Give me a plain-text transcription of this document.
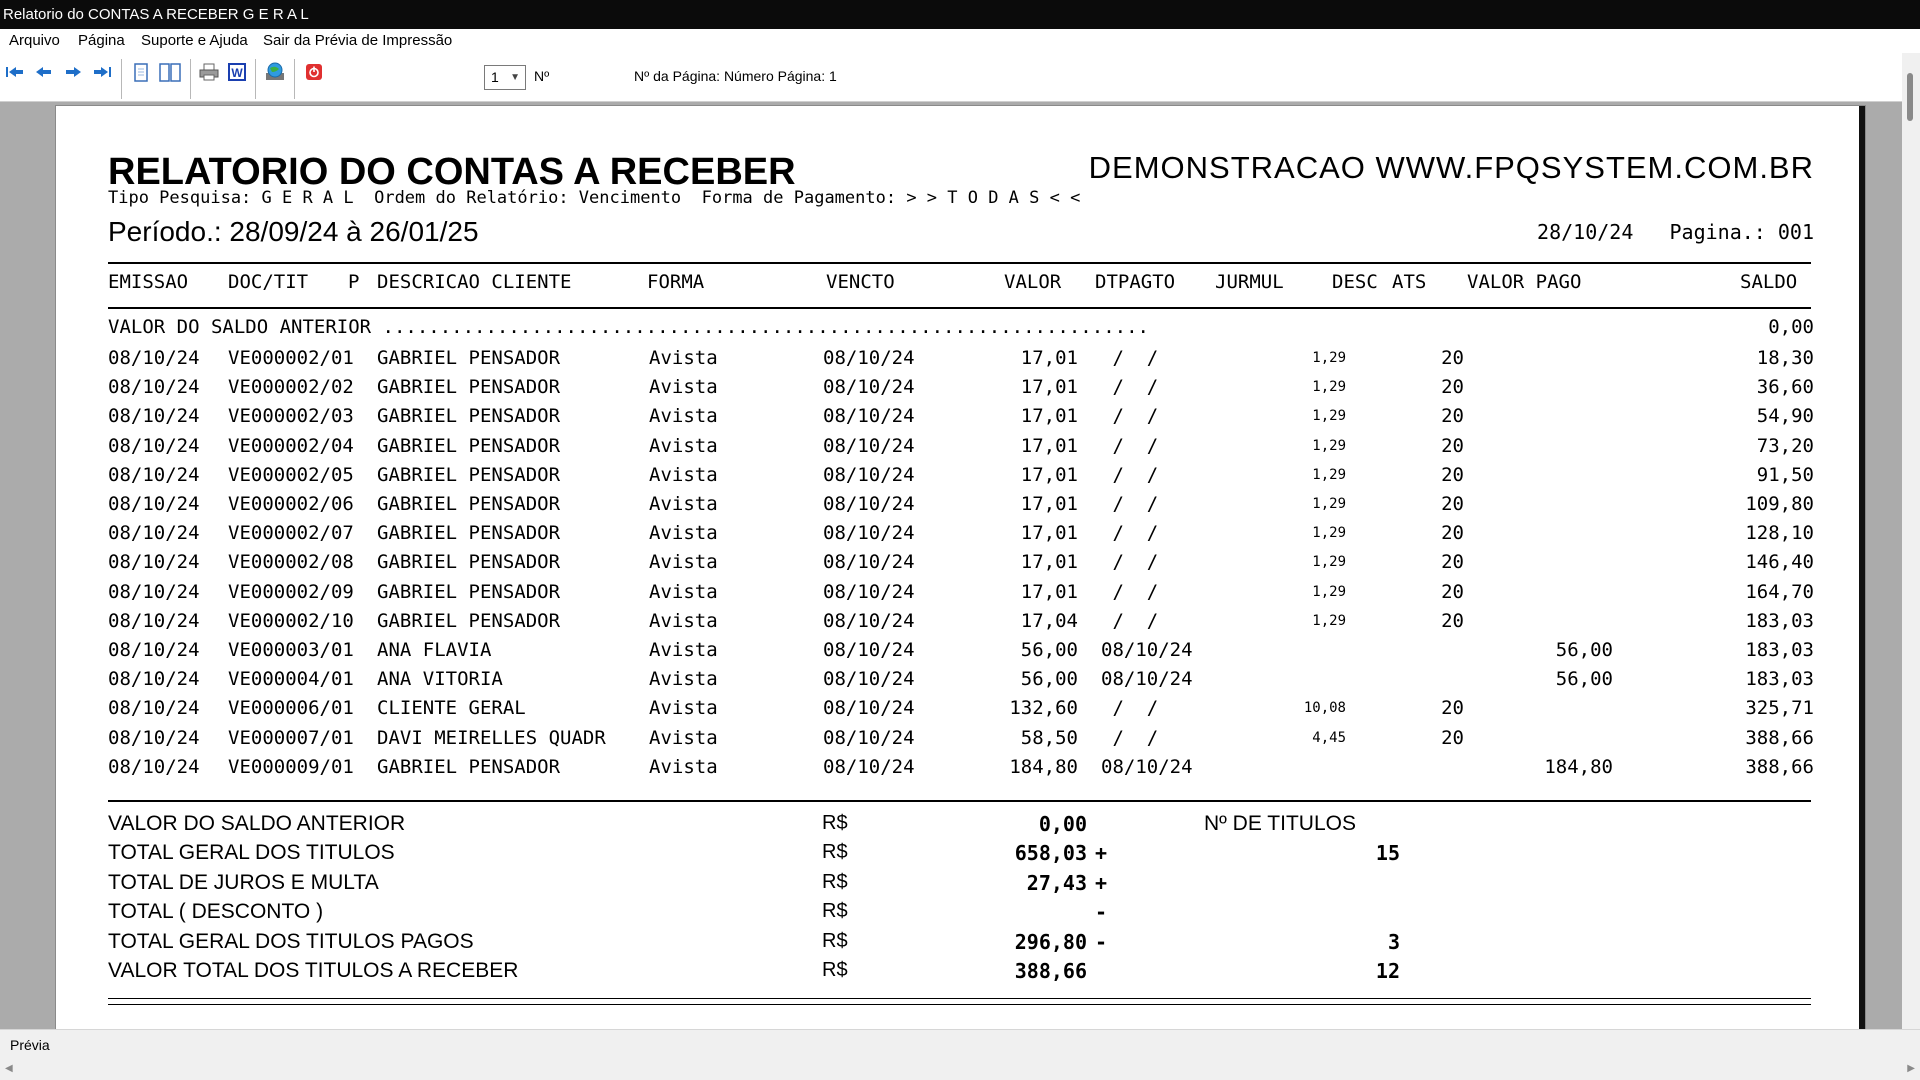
Relatorio do CONTAS A RECEBER G E R A L
Arquivo Página Suporte e Ajuda Sair da Prévia de Impressão
W	1 ▼ Nº	Nº da Página: Número Página: 1
RELATORIO DO CONTAS A RECEBER	DEMONSTRACAO WWW.FPQSYSTEM.COM.BR
Tipo Pesquisa: G E R A L  Ordem do Relatório: Vencimento  Forma de Pagamento: > > T O D A S < <
Período.: 28/09/24 à 26/01/25	28/10/24   Pagina.: 001
EMISSAO DOC/TIT P DESCRICAO CLIENTE	FORMA	VENCTO	VALOR DTPAGTO JURMUL	DESC ATS VALOR PAGO	SALDO
VALOR DO SALDO ANTERIOR ...................................................................	0,00
08/10/24 VE000002/01 GABRIEL PENSADOR	Avista	08/10/24	17,01 /  /	1,29	20	18,30
08/10/24 VE000002/02 GABRIEL PENSADOR	Avista	08/10/24	17,01 /  /	1,29	20	36,60
08/10/24 VE000002/03 GABRIEL PENSADOR	Avista	08/10/24	17,01 /  /	1,29	20	54,90
08/10/24 VE000002/04 GABRIEL PENSADOR	Avista	08/10/24	17,01 /  /	1,29	20	73,20
08/10/24 VE000002/05 GABRIEL PENSADOR	Avista	08/10/24	17,01 /  /	1,29	20	91,50
08/10/24 VE000002/06 GABRIEL PENSADOR	Avista	08/10/24	17,01 /  /	1,29	20	109,80
08/10/24 VE000002/07 GABRIEL PENSADOR	Avista	08/10/24	17,01 /  /	1,29	20	128,10
08/10/24 VE000002/08 GABRIEL PENSADOR	Avista	08/10/24	17,01 /  /	1,29	20	146,40
08/10/24 VE000002/09 GABRIEL PENSADOR	Avista	08/10/24	17,01 /  /	1,29	20	164,70
08/10/24 VE000002/10 GABRIEL PENSADOR	Avista	08/10/24	17,04 /  /	1,29	20	183,03
08/10/24 VE000003/01 ANA FLAVIA	Avista	08/10/24	56,00 08/10/24	56,00	183,03
08/10/24 VE000004/01 ANA VITORIA	Avista	08/10/24	56,00 08/10/24	56,00	183,03
08/10/24 VE000006/01 CLIENTE GERAL	Avista	08/10/24	132,60 /  /	10,08	20	325,71
08/10/24 VE000007/01 DAVI MEIRELLES QUADR Avista	08/10/24	58,50 /  /	4,45	20	388,66
08/10/24 VE000009/01 GABRIEL PENSADOR	Avista	08/10/24	184,80 08/10/24	184,80	388,66
Nº DE TITULOS
VALOR DO SALDO ANTERIOR	R$	0,00
TOTAL GERAL DOS TITULOS	R$	658,03 +	15
TOTAL DE JUROS E MULTA	R$	27,43 +
TOTAL ( DESCONTO )	R$	-
TOTAL GERAL DOS TITULOS PAGOS	R$	296,80 -	3
VALOR TOTAL DOS TITULOS A RECEBER	R$	388,66	12
Prévia
◀	▶
